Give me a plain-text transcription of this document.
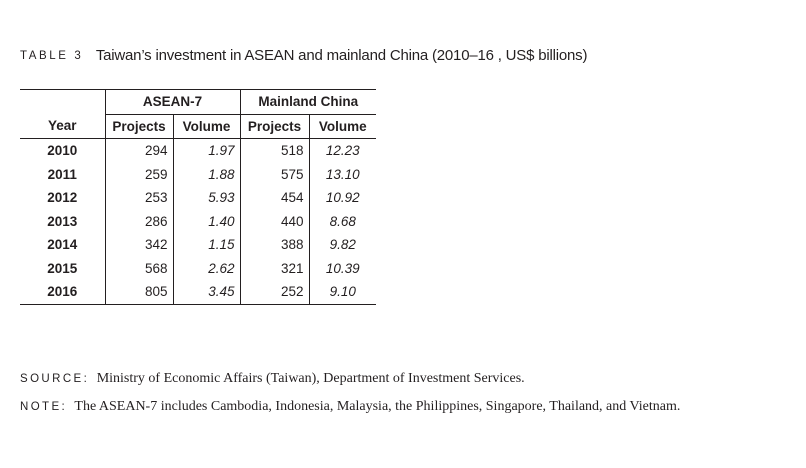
TABLE 3 Taiwan’s investment in ASEAN and mainland China (2010–16 , US$ billions)
	ASEAN-7		Mainland China	
Year	Projects	Volume	Projects	Volume
2010	294	1.97	518	12.23
2011	259	1.88	575	13.10
2012	253	5.93	454	10.92
2013	286	1.40	440	8.68
2014	342	1.15	388	9.82
2015	568	2.62	321	10.39
2016	805	3.45	252	9.10
SOURCE: Ministry of Economic Affairs (Taiwan), Department of Investment Services.
NOTE: The ASEAN-7 includes Cambodia, Indonesia, Malaysia, the Philippines, Singapore, Thailand, and Vietnam.
